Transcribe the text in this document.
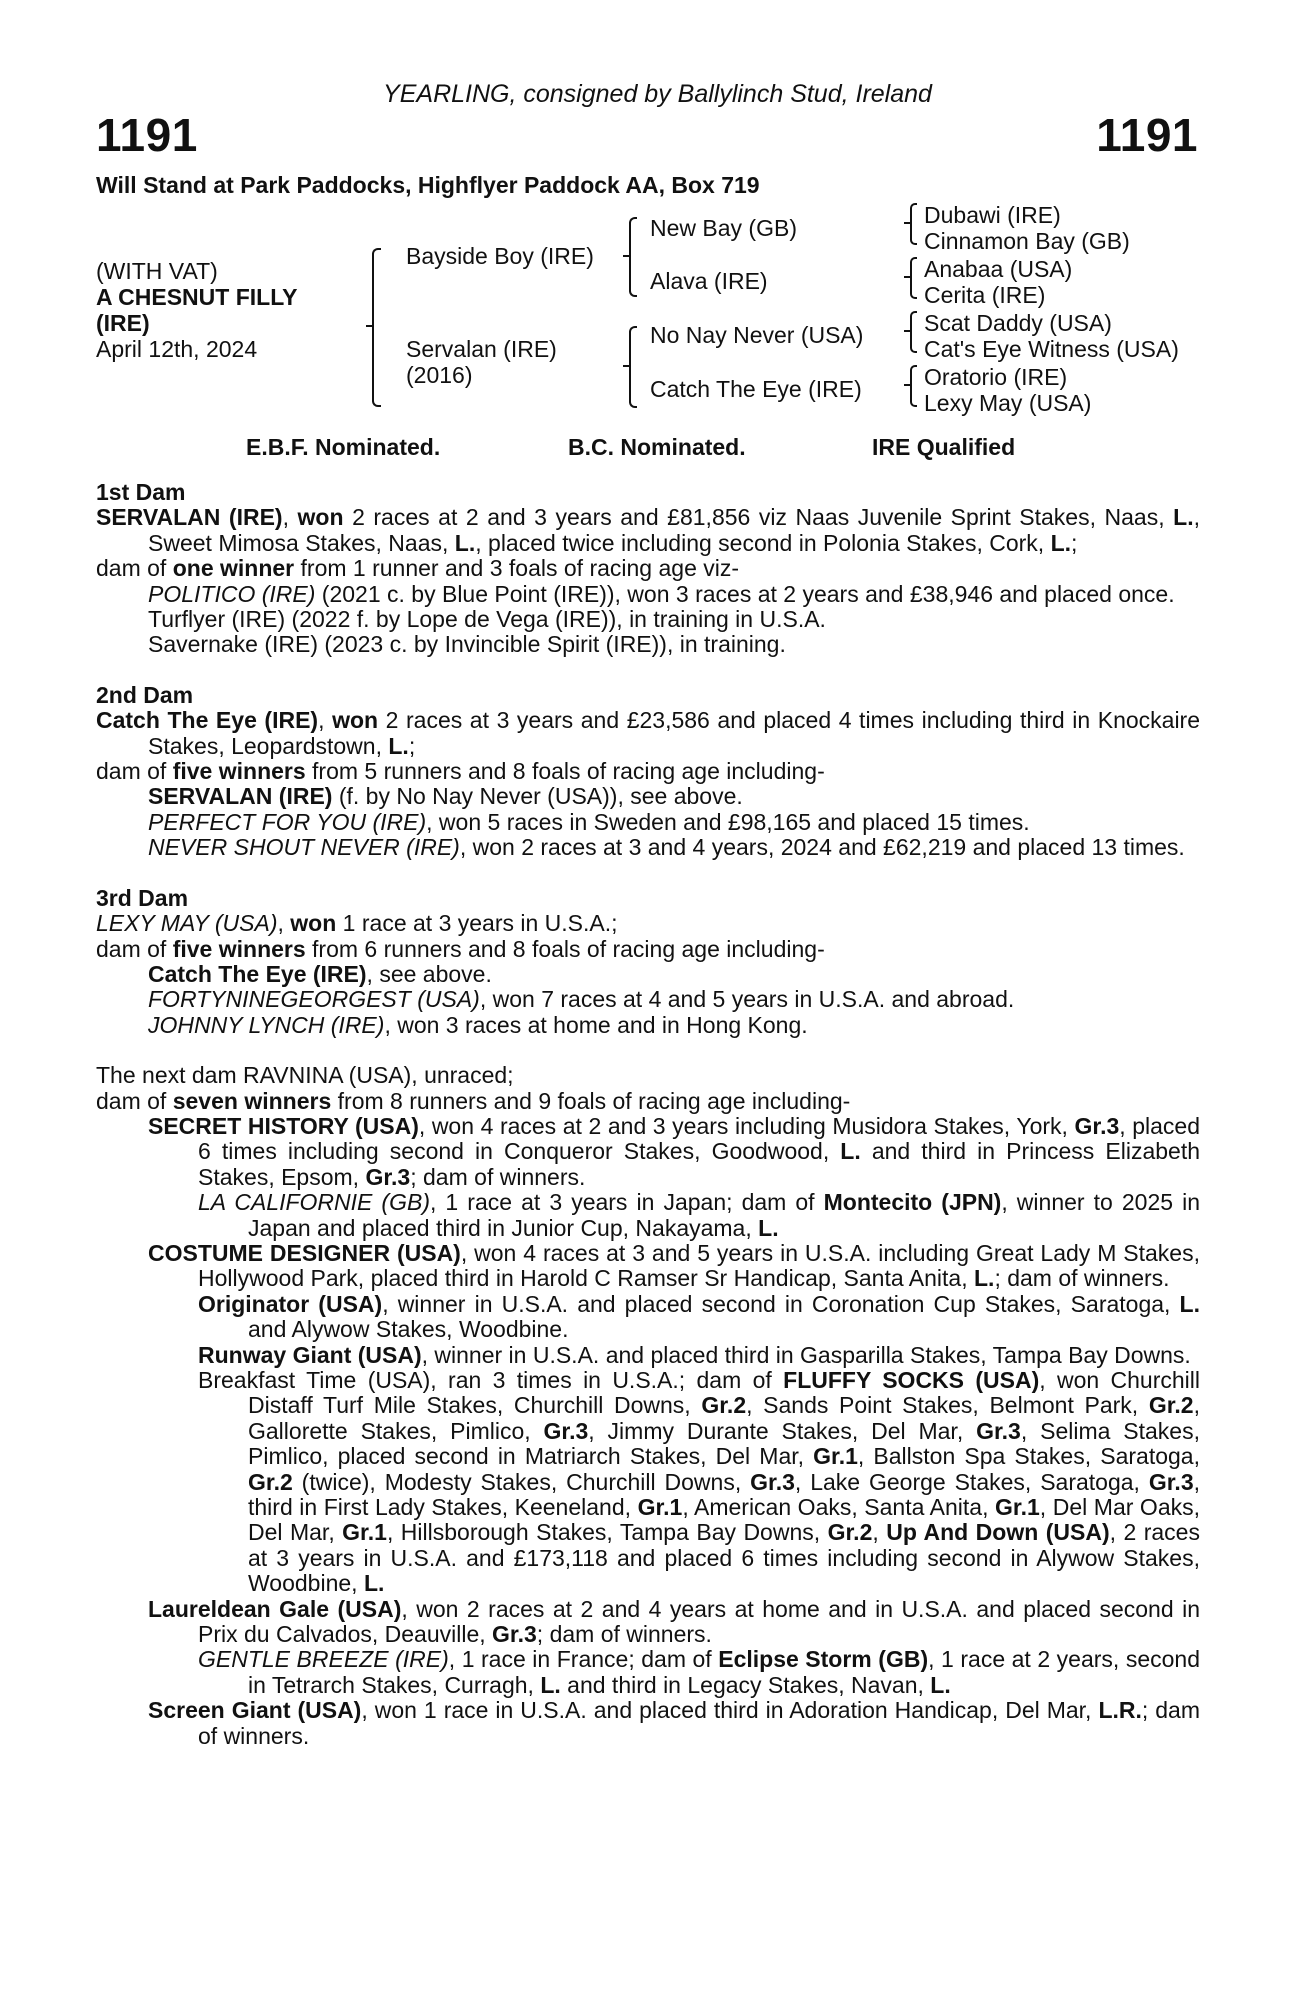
YEARLING, consigned by Ballylinch Stud, Ireland
1191	1191
Will Stand at Park Paddocks, Highflyer Paddock AA, Box 719
(WITH VAT)
A CHESNUT FILLY
(IRE)
April 12th, 2024
Bayside Boy (IRE)
Servalan (IRE)
(2016)
New Bay (GB)
Alava (IRE)
No Nay Never (USA)
Catch The Eye (IRE)
Dubawi (IRE)
Cinnamon Bay (GB)
Anabaa (USA)
Cerita (IRE)
Scat Daddy (USA)
Cat's Eye Witness (USA)
Oratorio (IRE)
Lexy May (USA)
E.B.F. Nominated.	B.C. Nominated.	IRE Qualified

1st Dam

SERVALAN (IRE), won 2 races at 2 and 3 years and £81,856 viz Naas Juvenile Sprint Stakes, Naas, L., Sweet Mimosa Stakes, Naas, L., placed twice including second in Polonia Stakes, Cork, L.;

dam of one winner from 1 runner and 3 foals of racing age viz-

POLITICO (IRE) (2021 c. by Blue Point (IRE)), won 3 races at 2 years and £38,946 and placed once.

Turflyer (IRE) (2022 f. by Lope de Vega (IRE)), in training in U.S.A.

Savernake (IRE) (2023 c. by Invincible Spirit (IRE)), in training.

2nd Dam

Catch The Eye (IRE), won 2 races at 3 years and £23,586 and placed 4 times including third in Knockaire Stakes, Leopardstown, L.;

dam of five winners from 5 runners and 8 foals of racing age including-

SERVALAN (IRE) (f. by No Nay Never (USA)), see above.

PERFECT FOR YOU (IRE), won 5 races in Sweden and £98,165 and placed 15 times.

NEVER SHOUT NEVER (IRE), won 2 races at 3 and 4 years, 2024 and £62,219 and placed 13 times.

3rd Dam

LEXY MAY (USA), won 1 race at 3 years in U.S.A.;

dam of five winners from 6 runners and 8 foals of racing age including-

Catch The Eye (IRE), see above.

FORTYNINEGEORGEST (USA), won 7 races at 4 and 5 years in U.S.A. and abroad.

JOHNNY LYNCH (IRE), won 3 races at home and in Hong Kong.

The next dam RAVNINA (USA), unraced;

dam of seven winners from 8 runners and 9 foals of racing age including-

SECRET HISTORY (USA), won 4 races at 2 and 3 years including Musidora Stakes, York, Gr.3, placed 6 times including second in Conqueror Stakes, Goodwood, L. and third in Princess Elizabeth Stakes, Epsom, Gr.3; dam of winners.

LA CALIFORNIE (GB), 1 race at 3 years in Japan; dam of Montecito (JPN), winner to 2025 in Japan and placed third in Junior Cup, Nakayama, L.

COSTUME DESIGNER (USA), won 4 races at 3 and 5 years in U.S.A. including Great Lady M Stakes, Hollywood Park, placed third in Harold C Ramser Sr Handicap, Santa Anita, L.; dam of winners.

Originator (USA), winner in U.S.A. and placed second in Coronation Cup Stakes, Saratoga, L. and Alywow Stakes, Woodbine.

Runway Giant (USA), winner in U.S.A. and placed third in Gasparilla Stakes, Tampa Bay Downs.

Breakfast Time (USA), ran 3 times in U.S.A.; dam of FLUFFY SOCKS (USA), won Churchill Distaff Turf Mile Stakes, Churchill Downs, Gr.2, Sands Point Stakes, Belmont Park, Gr.2, Gallorette Stakes, Pimlico, Gr.3, Jimmy Durante Stakes, Del Mar, Gr.3, Selima Stakes, Pimlico, placed second in Matriarch Stakes, Del Mar, Gr.1, Ballston Spa Stakes, Saratoga, Gr.2 (twice), Modesty Stakes, Churchill Downs, Gr.3, Lake George Stakes, Saratoga, Gr.3, third in First Lady Stakes, Keeneland, Gr.1, American Oaks, Santa Anita, Gr.1, Del Mar Oaks, Del Mar, Gr.1, Hillsborough Stakes, Tampa Bay Downs, Gr.2, Up And Down (USA), 2 races at 3 years in U.S.A. and £173,118 and placed 6 times including second in Alywow Stakes, Woodbine, L.

Laureldean Gale (USA), won 2 races at 2 and 4 years at home and in U.S.A. and placed second in Prix du Calvados, Deauville, Gr.3; dam of winners.

GENTLE BREEZE (IRE), 1 race in France; dam of Eclipse Storm (GB), 1 race at 2 years, second in Tetrarch Stakes, Curragh, L. and third in Legacy Stakes, Navan, L.

Screen Giant (USA), won 1 race in U.S.A. and placed third in Adoration Handicap, Del Mar, L.R.; dam of winners.
